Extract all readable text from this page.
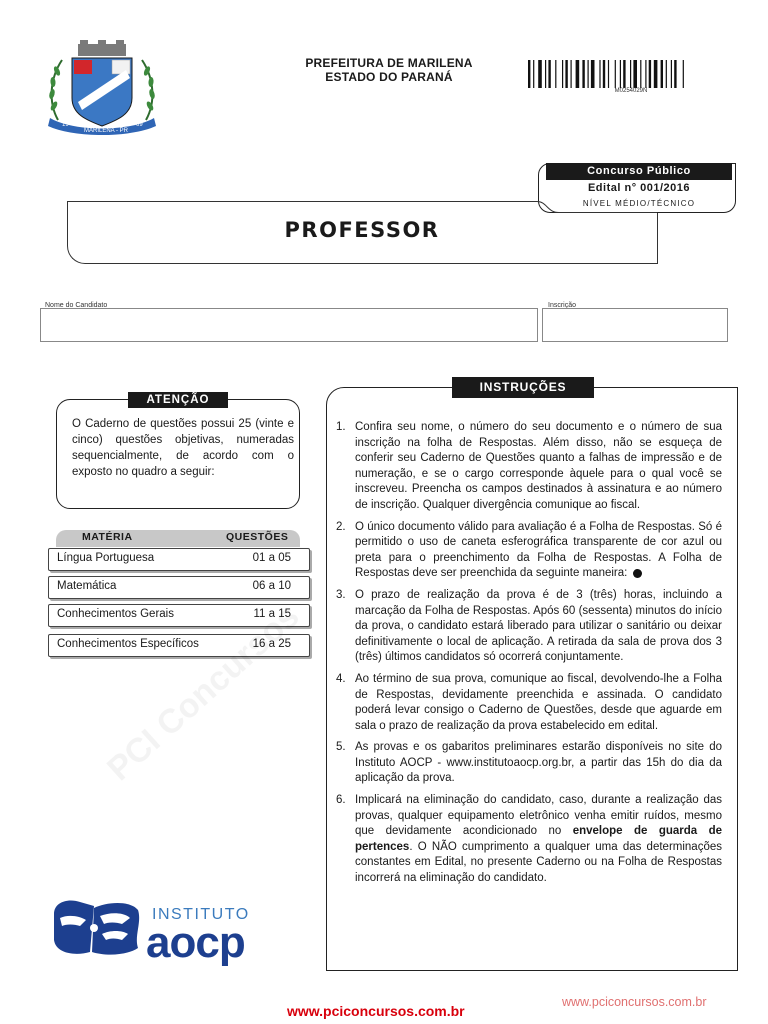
19	69
MARILENA - PR
PREFEITURA DE MARILENA
ESTADO DO PARANÁ
M0254029N
Concurso Público
Edital n° 001/2016
NÍVEL MÉDIO/TÉCNICO
PROFESSOR
Nome do Candidato	Inscrição
ATENÇÃO
O Caderno de questões possui 25 (vinte e cinco) questões objetivas, numeradas sequencialmente, de acordo com o exposto no quadro a seguir:
MATÉRIA	QUESTÕES
Língua Portuguesa	01 a 05
Matemática	06 a 10
Conhecimentos Gerais	11 a 15
Conhecimentos Específicos	16 a 25
INSTRUÇÕES
1. Confira seu nome, o número do seu documento e o número de sua inscrição na folha de Respostas. Além disso, não se esqueça de conferir seu Caderno de Questões quanto a falhas de impressão e de numeração, e se o cargo corresponde àquele para o qual você se inscreveu. Preencha os campos destinados à assinatura e ao número de inscrição. Qualquer divergência comunique ao fiscal.
2. O único documento válido para avaliação é a Folha de Respostas. Só é permitido o uso de caneta esferográfica transparente de cor azul ou preta para o preenchimento da Folha de Respostas. A Folha de Respostas deve ser preenchida da seguinte maneira:
3. O prazo de realização da prova é de 3 (três) horas, incluindo a marcação da Folha de Respostas. Após 60 (sessenta) minutos do início da prova, o candidato estará liberado para utilizar o sanitário ou deixar definitivamente o local de aplicação. A retirada da sala de prova dos 3 (três) últimos candidatos só ocorrerá conjuntamente.
4. Ao término de sua prova, comunique ao fiscal, devolvendo-lhe a Folha de Respostas, devidamente preenchida e assinada. O candidato poderá levar consigo o Caderno de Questões, desde que aguarde em sala o prazo de realização da prova estabelecido em edital.
5. As provas e os gabaritos preliminares estarão disponíveis no site do Instituto AOCP - www.institutoaocp.org.br, a partir das 15h do dia da aplicação da prova.
6. Implicará na eliminação do candidato, caso, durante a realização das provas, qualquer equipamento eletrônico venha emitir ruídos, mesmo que devidamente acondicionado no envelope de guarda de pertences. O NÃO cumprimento a qualquer uma das determinações constantes em Edital, no presente Caderno ou na Folha de Respostas incorrerá na eliminação do candidato.
INSTITUTO
aocp
www.pciconcursos.com.br
www.pciconcursos.com.br
